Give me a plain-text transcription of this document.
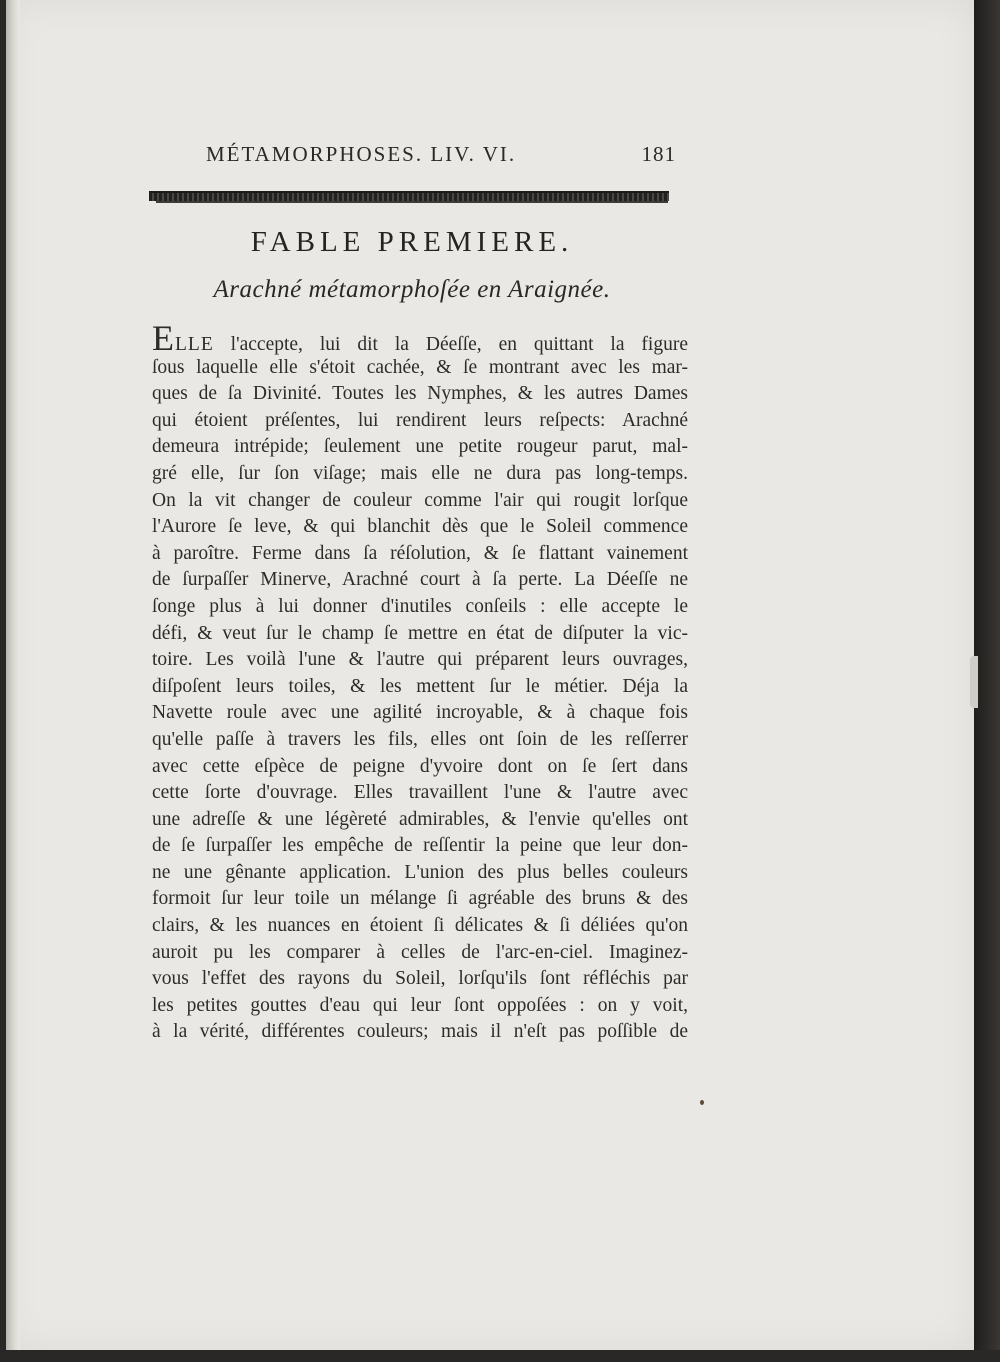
MÉTAMORPHOSES. LIV. VI.	181
FABLE PREMIERE.
Arachné métamorphoſée en Araignée.
ELLE l'accepte, lui dit la Déeſſe, en quittant la figure
ſous laquelle elle s'étoit cachée, & ſe montrant avec les mar-
ques de ſa Divinité. Toutes les Nymphes, & les autres Dames
qui étoient préſentes, lui rendirent leurs reſpects: Arachné
demeura intrépide; ſeulement une petite rougeur parut, mal-
gré elle, ſur ſon viſage; mais elle ne dura pas long-temps.
On la vit changer de couleur comme l'air qui rougit lorſque
l'Aurore ſe leve, & qui blanchit dès que le Soleil commence
à paroître. Ferme dans ſa réſolution, & ſe flattant vainement
de ſurpaſſer Minerve, Arachné court à ſa perte. La Déeſſe ne
ſonge plus à lui donner d'inutiles conſeils : elle accepte le
défi, & veut ſur le champ ſe mettre en état de diſputer la vic-
toire. Les voilà l'une & l'autre qui préparent leurs ouvrages,
diſpoſent leurs toiles, & les mettent ſur le métier. Déja la
Navette roule avec une agilité incroyable, & à chaque fois
qu'elle paſſe à travers les fils, elles ont ſoin de les reſſerrer
avec cette eſpèce de peigne d'yvoire dont on ſe ſert dans
cette ſorte d'ouvrage. Elles travaillent l'une & l'autre avec
une adreſſe & une légèreté admirables, & l'envie qu'elles ont
de ſe ſurpaſſer les empêche de reſſentir la peine que leur don-
ne une gênante application. L'union des plus belles couleurs
formoit ſur leur toile un mélange ſi agréable des bruns & des
clairs, & les nuances en étoient ſi délicates & ſi déliées qu'on
auroit pu les comparer à celles de l'arc-en-ciel. Imaginez-
vous l'effet des rayons du Soleil, lorſqu'ils ſont réfléchis par
les petites gouttes d'eau qui leur ſont oppoſées : on y voit,
à la vérité, différentes couleurs; mais il n'eſt pas poſſible de
